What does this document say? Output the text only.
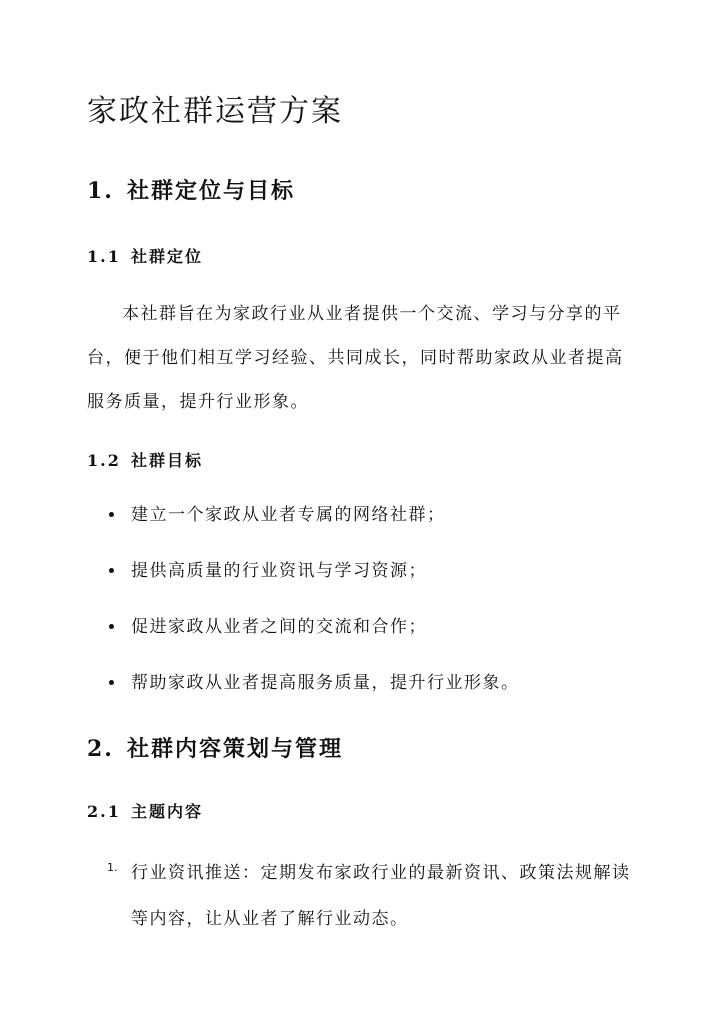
家政社群运营方案
1. 社群定位与目标
1.1 社群定位

本社群旨在为家政行业从业者提供一个交流、学习与分享的平台，便于他们相互学习经验、共同成长，同时帮助家政从业者提高服务质量，提升行业形象。

1.2 社群目标
建立一个家政从业者专属的网络社群；
提供高质量的行业资讯与学习资源；
促进家政从业者之间的交流和合作；
帮助家政从业者提高服务质量，提升行业形象。
2. 社群内容策划与管理
2.1 主题内容
1. 行业资讯推送：定期发布家政行业的最新资讯、政策法规解读等内容，让从业者了解行业动态。
